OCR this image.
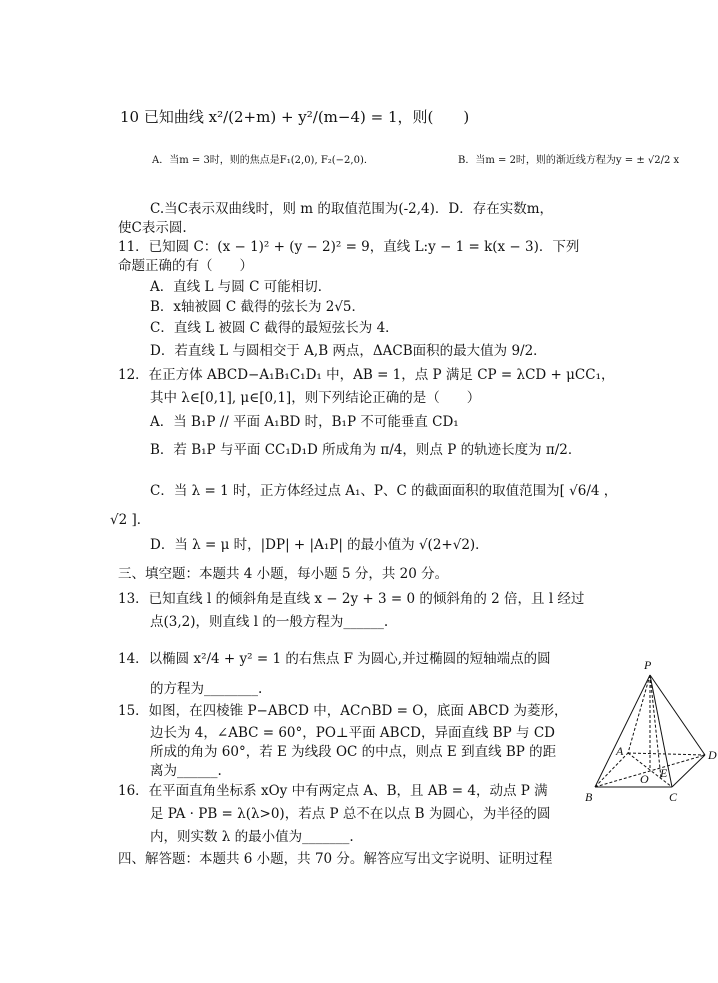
10 已知曲线 x²/(2+m) + y²/(m−4) = 1，则(　　)
A．当m = 3时，则的焦点是F₁(2,0), F₂(−2,0)．	B．当m = 2时，则的渐近线方程为y = ± √2/2 x
C.当C表示双曲线时，则 m 的取值范围为(-2,4)．D．存在实数m，
使C表示圆.
11．已知圆 C：(x − 1)² + (y − 2)² = 9，直线 L:y − 1 = k(x − 3)．下列
命题正确的有（　　）
A．直线 L 与圆 C 可能相切．
B．x轴被圆 C 截得的弦长为 2√5．
C．直线 L 被圆 C 截得的最短弦长为 4．
D．若直线 L 与圆相交于 A,B 两点，ΔACB面积的最大值为 9/2．
12．在正方体 ABCD−A₁B₁C₁D₁ 中，AB = 1，点 P 满足 CP = λCD + μCC₁，
其中 λ∈[0,1], μ∈[0,1]，则下列结论正确的是（　　）
A．当 B₁P // 平面 A₁BD 时，B₁P 不可能垂直 CD₁
B．若 B₁P 与平面 CC₁D₁D 所成角为 π/4，则点 P 的轨迹长度为 π/2．
C．当 λ = 1 时，正方体经过点 A₁、P、C 的截面面积的取值范围为[ √6/4 ，
√2 ]．
D．当 λ = μ 时，|DP| + |A₁P| 的最小值为 √(2+√2)．
三、填空题：本题共 4 小题，每小题 5 分，共 20 分。
13．已知直线 l 的倾斜角是直线 x − 2y + 3 = 0 的倾斜角的 2 倍，且 l 经过
点(3,2)，则直线 l 的一般方程为______.
14．以椭圆 x²/4 + y² = 1 的右焦点 F 为圆心,并过椭圆的短轴端点的圆
的方程为________.
15．如图，在四棱锥 P−ABCD 中，AC∩BD = O，底面 ABCD 为菱形，
边长为 4，∠ABC = 60°，PO⊥平面 ABCD，异面直线 BP 与 CD
所成的角为 60°，若 E 为线段 OC 的中点，则点 E 到直线 BP 的距
离为______.
16．在平面直角坐标系 xOy 中有两定点 A、B，且 AB = 4，动点 P 满
足 PA · PB = λ(λ>0)，若点 P 总不在以点 B 为圆心，为半径的圆
内，则实数 λ 的最小值为_______.
四、解答题：本题共 6 小题，共 70 分。解答应写出文字说明、证明过程
P
A
B	C
D
O E
